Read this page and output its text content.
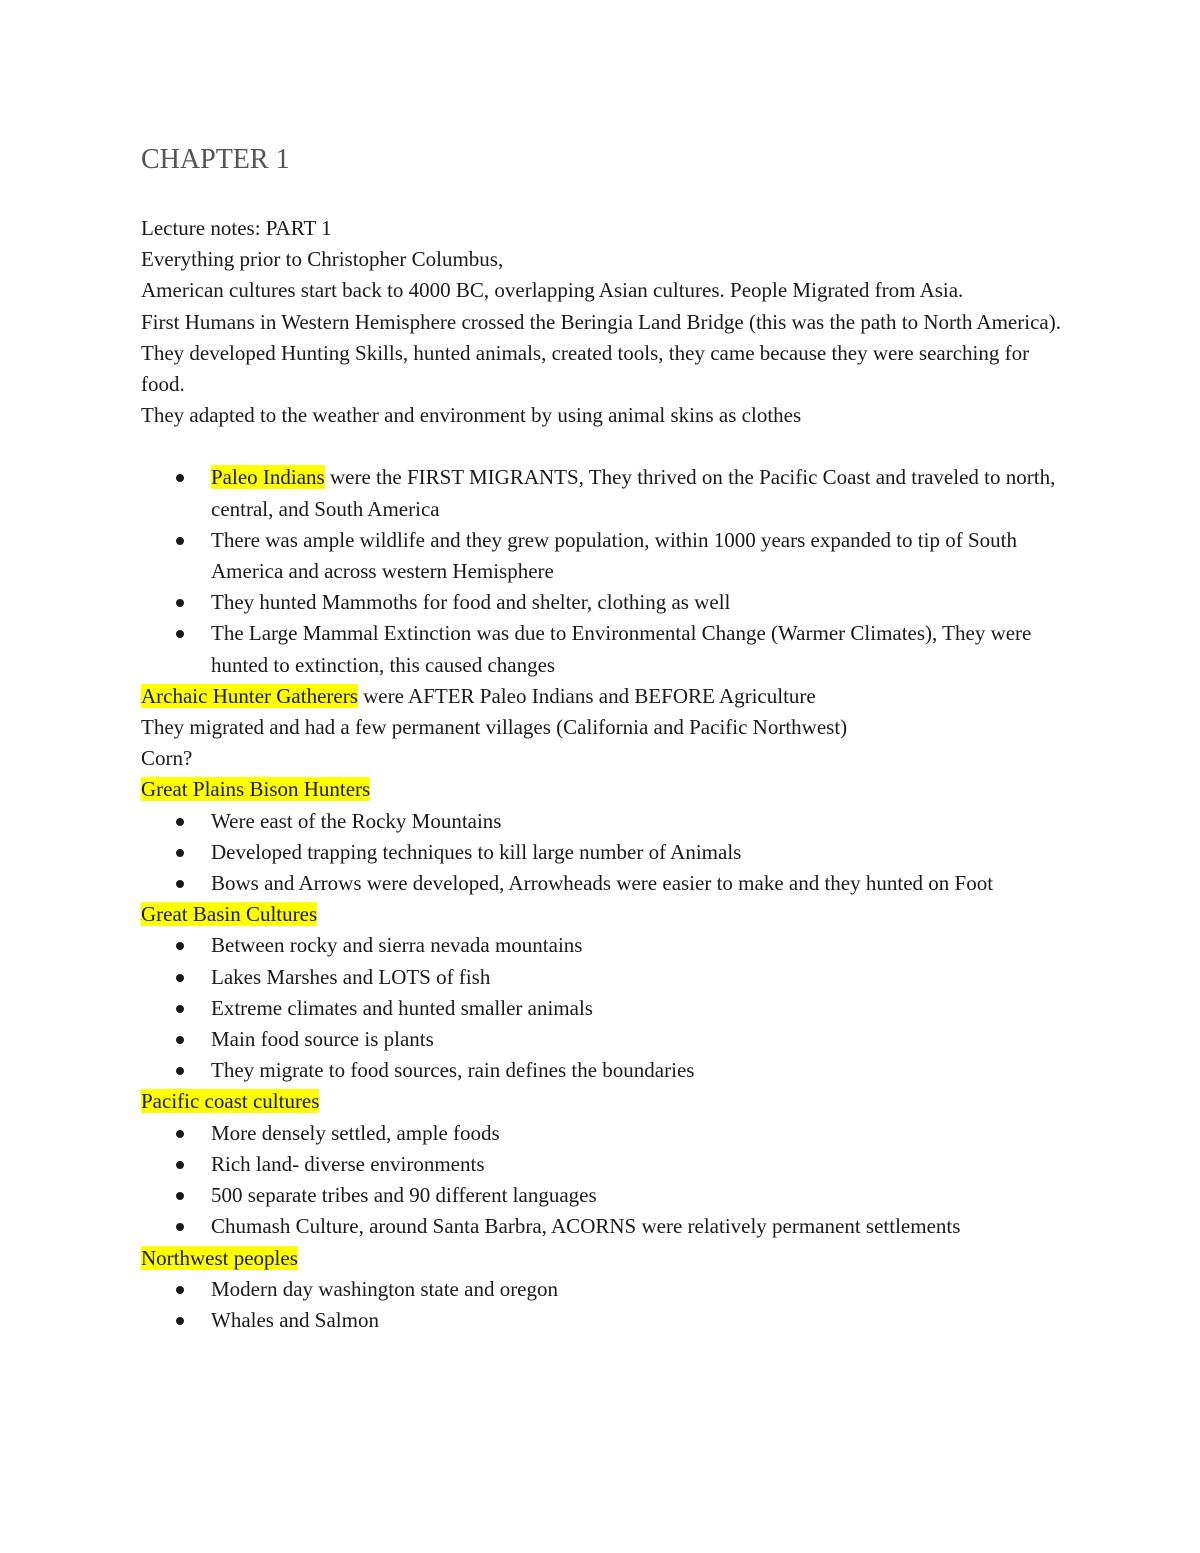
CHAPTER 1

Lecture notes: PART 1

Everything prior to Christopher Columbus,

American cultures start back to 4000 BC, overlapping Asian cultures. People Migrated from Asia.

First Humans in Western Hemisphere crossed the Beringia Land Bridge (this was the path to North America). They developed Hunting Skills, hunted animals, created tools, they came because they were searching for food.

They adapted to the weather and environment by using animal skins as clothes

Paleo Indians were the FIRST MIGRANTS, They thrived on the Pacific Coast and traveled to north, central, and South America
There was ample wildlife and they grew population, within 1000 years expanded to tip of South America and across western Hemisphere
They hunted Mammoths for food and shelter, clothing as well
The Large Mammal Extinction was due to Environmental Change (Warmer Climates), They were hunted to extinction, this caused changes

Archaic Hunter Gatherers were AFTER Paleo Indians and BEFORE Agriculture

They migrated and had a few permanent villages (California and Pacific Northwest)

Corn?

Great Plains Bison Hunters

Were east of the Rocky Mountains
Developed trapping techniques to kill large number of Animals
Bows and Arrows were developed, Arrowheads were easier to make and they hunted on Foot

Great Basin Cultures

Between rocky and sierra nevada mountains
Lakes Marshes and LOTS of fish
Extreme climates and hunted smaller animals
Main food source is plants
They migrate to food sources, rain defines the boundaries

Pacific coast cultures

More densely settled, ample foods
Rich land- diverse environments
500 separate tribes and 90 different languages
Chumash Culture, around Santa Barbra, ACORNS were relatively permanent settlements

Northwest peoples

Modern day washington state and oregon
Whales and Salmon
